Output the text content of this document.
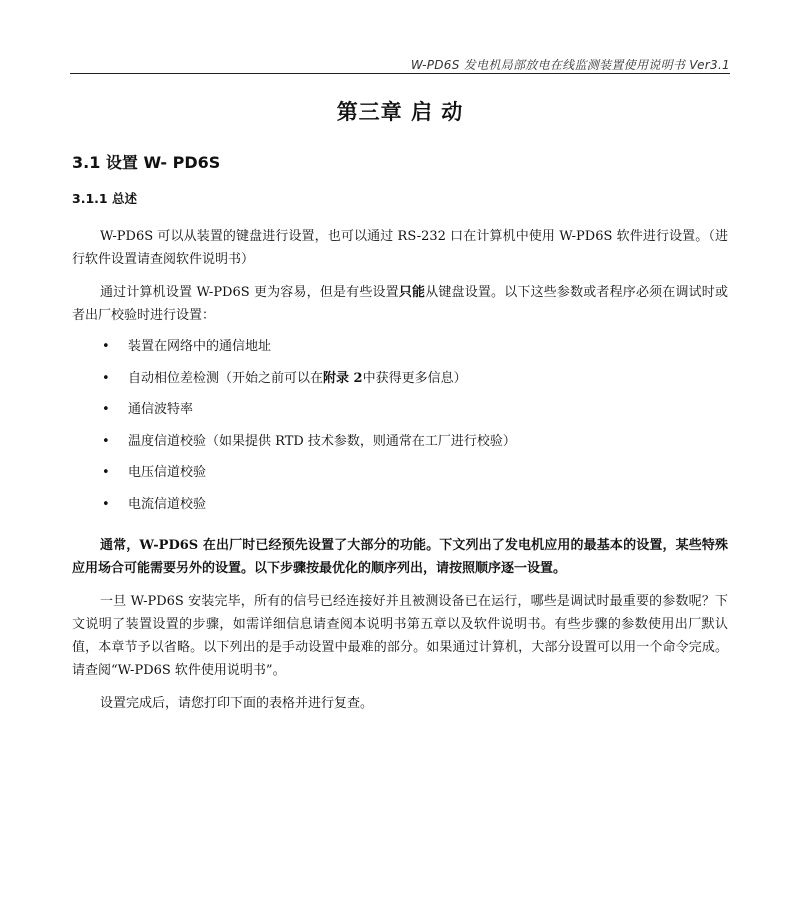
W-PD6S 发电机局部放电在线监测装置使用说明书 Ver3.1
第三章 启 动
3.1 设置 W- PD6S
3.1.1 总述

W-PD6S 可以从装置的键盘进行设置，也可以通过 RS-232 口在计算机中使用 W-PD6S 软件进行设置。（进行软件设置请查阅软件说明书）

通过计算机设置 W-PD6S 更为容易，但是有些设置只能从键盘设置。以下这些参数或者程序必须在调试时或者出厂校验时进行设置：

• 装置在网络中的通信地址
• 自动相位差检测（开始之前可以在附录 2中获得更多信息）
• 通信波特率
• 温度信道校验（如果提供 RTD 技术参数，则通常在工厂进行校验）
• 电压信道校验
• 电流信道校验

通常，W-PD6S 在出厂时已经预先设置了大部分的功能。下文列出了发电机应用的最基本的设置，某些特殊应用场合可能需要另外的设置。以下步骤按最优化的顺序列出，请按照顺序逐一设置。

一旦 W-PD6S 安装完毕，所有的信号已经连接好并且被测设备已在运行，哪些是调试时最重要的参数呢？下文说明了装置设置的步骤，如需详细信息请查阅本说明书第五章以及软件说明书。有些步骤的参数使用出厂默认值，本章节予以省略。以下列出的是手动设置中最难的部分。如果通过计算机，大部分设置可以用一个命令完成。请查阅“W-PD6S 软件使用说明书”。

设置完成后，请您打印下面的表格并进行复查。
